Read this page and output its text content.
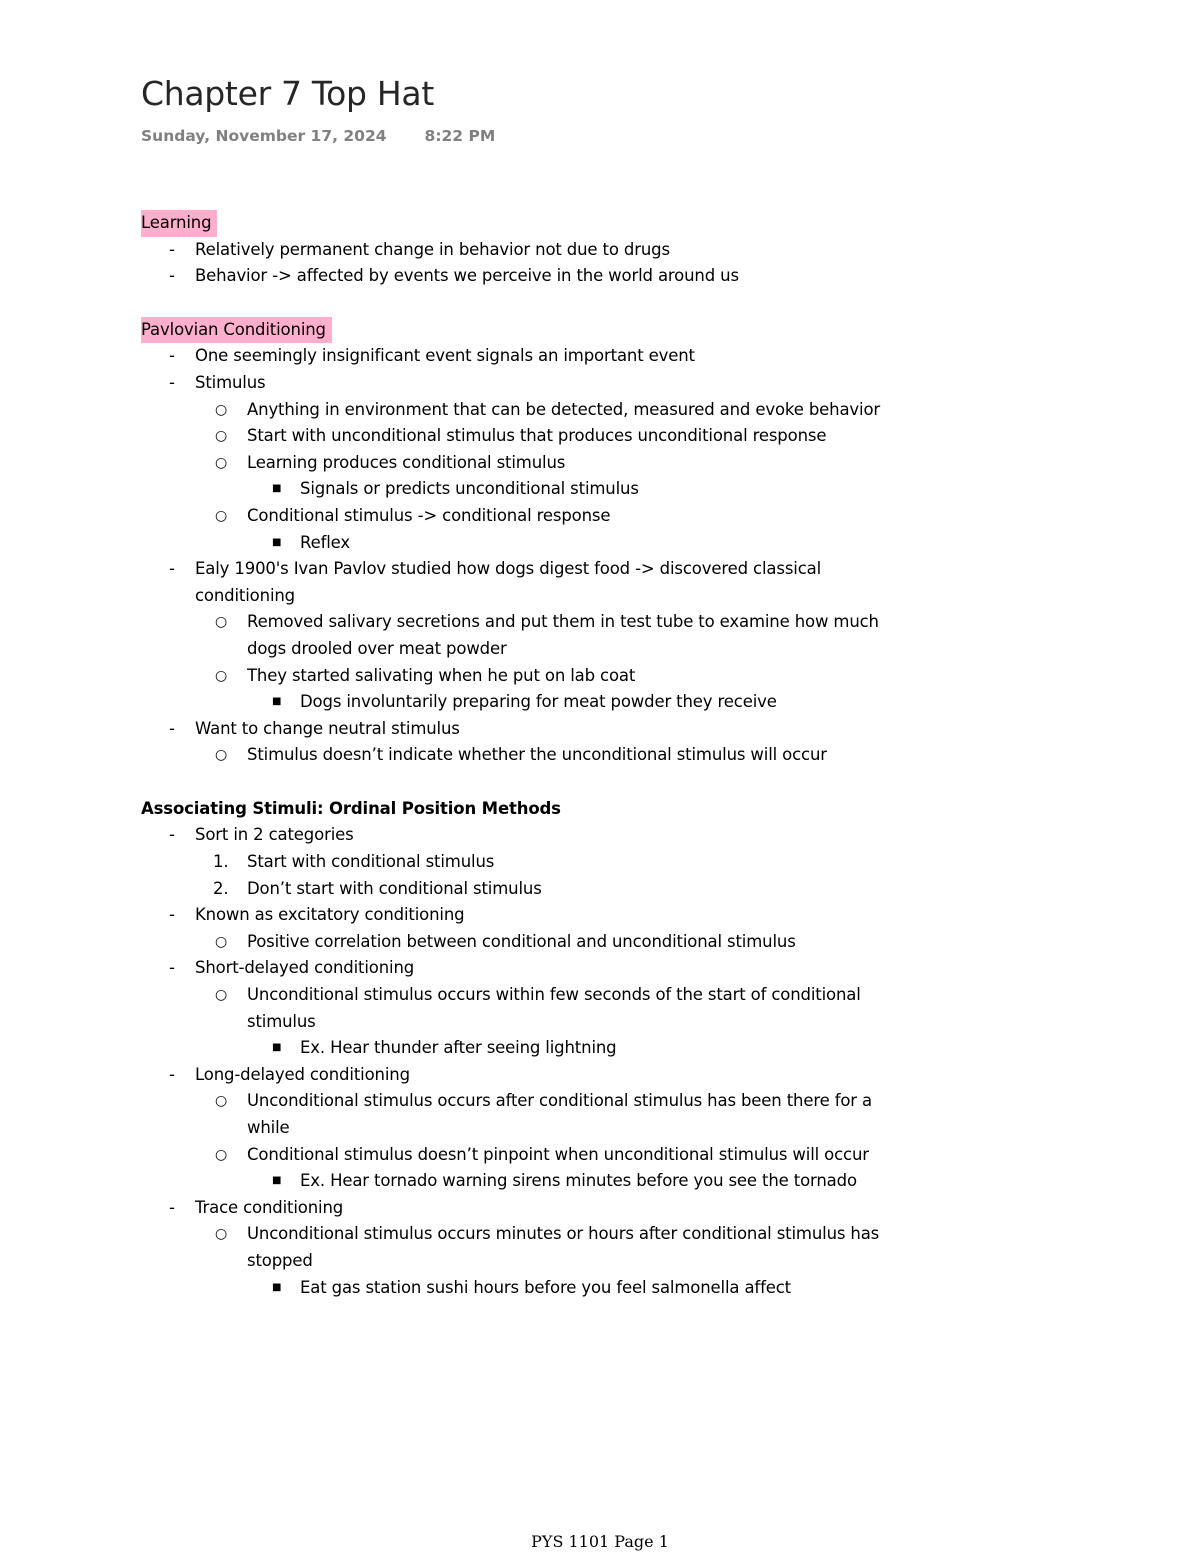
Chapter 7 Top Hat
Sunday, November 17, 2024 8:22 PM
Learning
- Relatively permanent change in behavior not due to drugs
- Behavior -> affected by events we perceive in the world around us
Pavlovian Conditioning
- One seemingly insignificant event signals an important event
- Stimulus
○ Anything in environment that can be detected, measured and evoke behavior
○ Start with unconditional stimulus that produces unconditional response
○ Learning produces conditional stimulus
■ Signals or predicts unconditional stimulus
○ Conditional stimulus -> conditional response
■ Reflex
- Ealy 1900's Ivan Pavlov studied how dogs digest food -> discovered classical conditioning
○ Removed salivary secretions and put them in test tube to examine how much dogs drooled over meat powder
○ They started salivating when he put on lab coat
■ Dogs involuntarily preparing for meat powder they receive
- Want to change neutral stimulus
○ Stimulus doesn’t indicate whether the unconditional stimulus will occur
Associating Stimuli: Ordinal Position Methods
- Sort in 2 categories
1. Start with conditional stimulus
2. Don’t start with conditional stimulus
- Known as excitatory conditioning
○ Positive correlation between conditional and unconditional stimulus
- Short-delayed conditioning
○ Unconditional stimulus occurs within few seconds of the start of conditional stimulus
■ Ex. Hear thunder after seeing lightning
- Long-delayed conditioning
○ Unconditional stimulus occurs after conditional stimulus has been there for a while
○ Conditional stimulus doesn’t pinpoint when unconditional stimulus will occur
■ Ex. Hear tornado warning sirens minutes before you see the tornado
- Trace conditioning
○ Unconditional stimulus occurs minutes or hours after conditional stimulus has stopped
■ Eat gas station sushi hours before you feel salmonella affect
PYS 1101 Page 1
